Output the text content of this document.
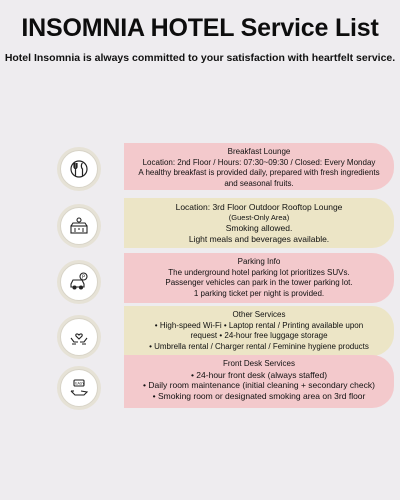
INSOMNIA HOTEL Service List
Hotel Insomnia is always committed to your satisfaction with heartfelt service.
Breakfast Lounge
Location: 2nd Floor / Hours: 07:30~09:30 / Closed: Every Monday
A healthy breakfast is provided daily, prepared with fresh ingredients
and seasonal fruits.
Location: 3rd Floor Outdoor Rooftop Lounge
(Guest-Only Area)
Smoking allowed.
Light meals and beverages available.
P
Parking Info
The underground hotel parking lot prioritizes SUVs.
Passenger vehicles can park in the tower parking lot.
1 parking ticket per night is provided.
Other Services
• High-speed Wi-Fi • Laptop rental / Printing available upon
request • 24-hour free luggage storage
• Umbrella rental / Charger rental / Feminine hygiene products
EASY
Front Desk Services
• 24-hour front desk (always staffed)
• Daily room maintenance (initial cleaning + secondary check)
• Smoking room or designated smoking area on 3rd floor
